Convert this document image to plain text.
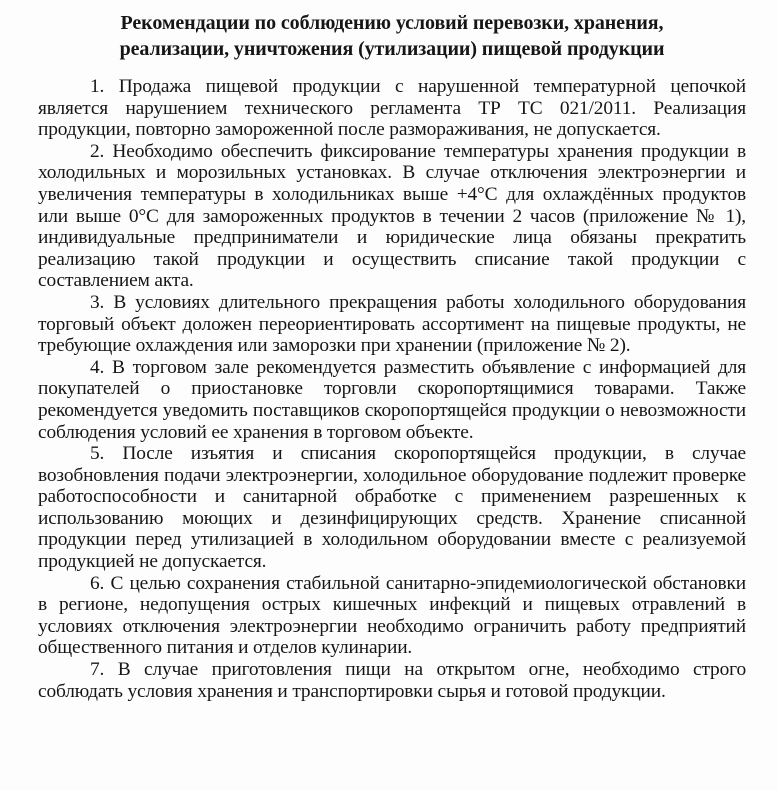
Рекомендации по соблюдению условий перевозки, хранения,
реализации, уничтожения (утилизации) пищевой продукции

1. Продажа пищевой продукции с нарушенной температурной цепочкой является нарушением технического регламента ТР ТС 021/2011. Реализация продукции, повторно замороженной после размораживания, не допускается.

2. Необходимо обеспечить фиксирование температуры хранения продукции в холодильных и морозильных установках. В случае отключения электроэнергии и увеличения температуры в холодильниках выше +4°С для охлаждённых продуктов или выше 0°С для замороженных продуктов в течении 2 часов (приложение № 1), индивидуальные предприниматели и юридические лица обязаны прекратить реализацию такой продукции и осуществить списание такой продукции с составлением акта.

3. В условиях длительного прекращения работы холодильного оборудования торговый объект доложен переориентировать ассортимент на пищевые продукты, не требующие охлаждения или заморозки при хранении (приложение № 2).

4. В торговом зале рекомендуется разместить объявление с информацией для покупателей о приостановке торговли скоропортящимися товарами. Также рекомендуется уведомить поставщиков скоропортящейся продукции о невозможности соблюдения условий ее хранения в торговом объекте.

5. После изъятия и списания скоропортящейся продукции, в случае возобновления подачи электроэнергии, холодильное оборудование подлежит проверке работоспособности и санитарной обработке с применением разрешенных к использованию моющих и дезинфицирующих средств. Хранение списанной продукции перед утилизацией в холодильном оборудовании вместе с реализуемой продукцией не допускается.

6. С целью сохранения стабильной санитарно-эпидемиологической обстановки в регионе, недопущения острых кишечных инфекций и пищевых отравлений в условиях отключения электроэнергии необходимо ограничить работу предприятий общественного питания и отделов кулинарии.

7. В случае приготовления пищи на открытом огне, необходимо строго соблюдать условия хранения и транспортировки сырья и готовой продукции.
